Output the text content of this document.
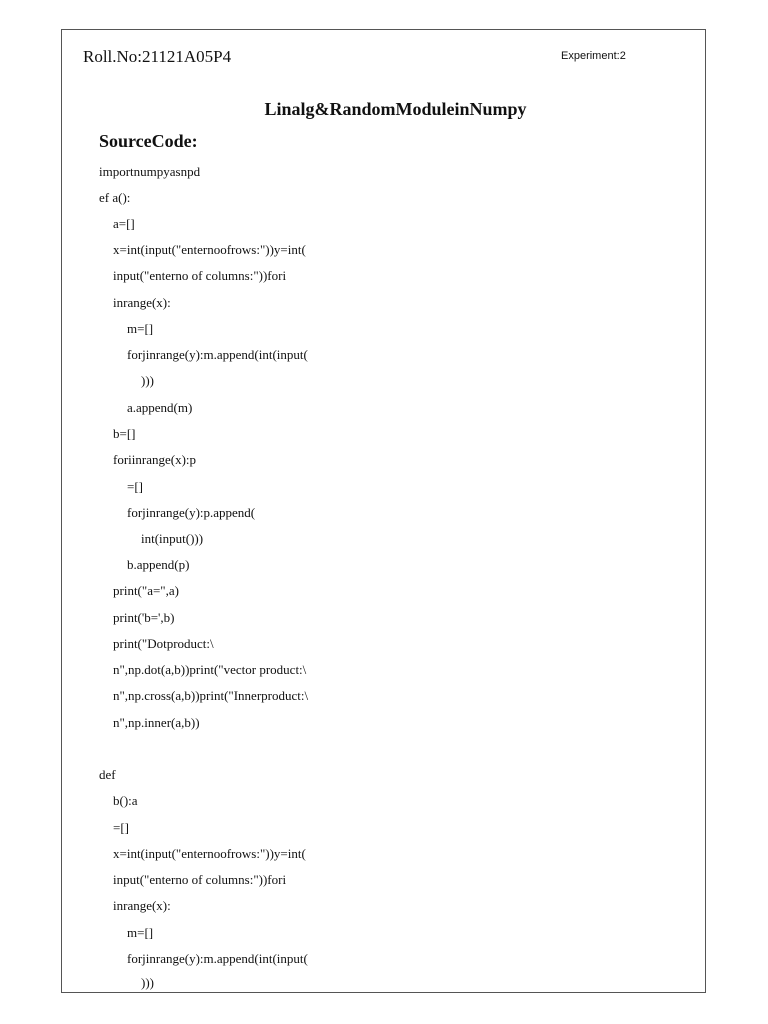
Roll.No:21121A05P4	Experiment:2
Linalg&RandomModuleinNumpy
SourceCode:
importnumpyasnpd
ef a():
a=[]
x=int(input("enternoofrows:"))y=int(
input("enterno of columns:"))fori
inrange(x):
m=[]
forjinrange(y):m.append(int(input(
)))
a.append(m)
b=[]
foriinrange(x):p
=[]
forjinrange(y):p.append(
int(input()))
b.append(p)
print("a=",a)
print('b=',b)
print("Dotproduct:\
n",np.dot(a,b))print("vector product:\
n",np.cross(a,b))print("Innerproduct:\
n",np.inner(a,b))
def
b():a
=[]
x=int(input("enternoofrows:"))y=int(
input("enterno of columns:"))fori
inrange(x):
m=[]
forjinrange(y):m.append(int(input(
)))
